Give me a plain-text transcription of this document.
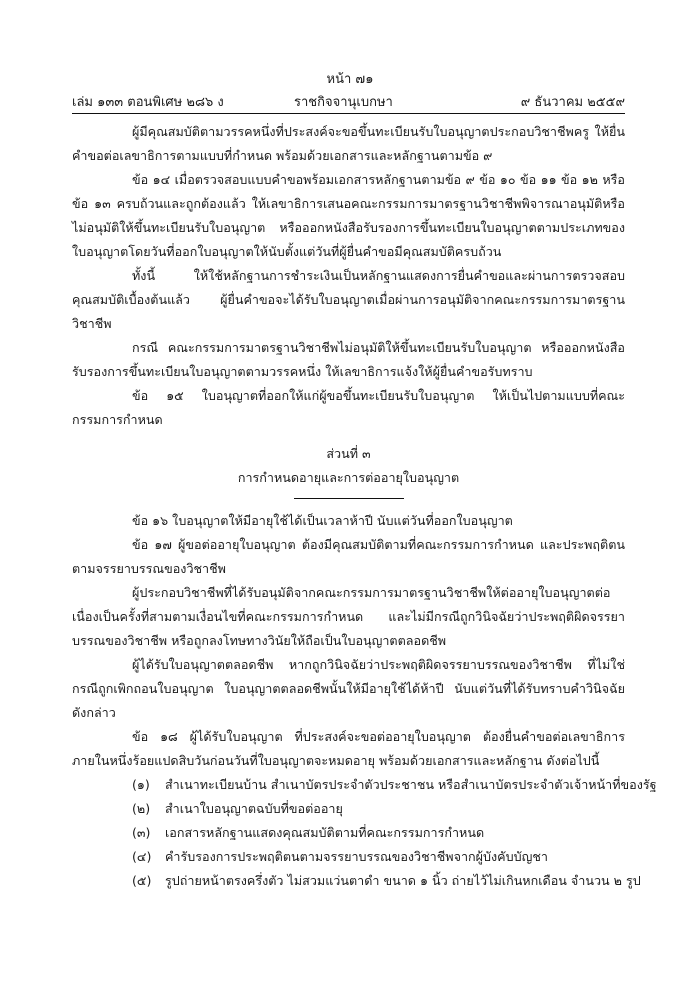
หน้า ๗๑
เล่ม ๑๓๓ ตอนพิเศษ ๒๘๖ ง	ราชกิจจานุเบกษา	๙ ธันวาคม ๒๕๕๙

ผู้มีคุณสมบัติตามวรรคหนึ่งที่ประสงค์จะขอขึ้นทะเบียนรับใบอนุญาตประกอบวิชาชีพครู ให้ยื่นคำขอต่อเลขาธิการตามแบบที่กำหนด พร้อมด้วยเอกสารและหลักฐานตามข้อ ๙

ข้อ ๑๔ เมื่อตรวจสอบแบบคำขอพร้อมเอกสารหลักฐานตามข้อ ๙ ข้อ ๑๐ ข้อ ๑๑ ข้อ ๑๒ หรือข้อ ๑๓ ครบถ้วนและถูกต้องแล้ว ให้เลขาธิการเสนอคณะกรรมการมาตรฐานวิชาชีพพิจารณาอนุมัติหรือไม่อนุมัติให้ขึ้นทะเบียนรับใบอนุญาต หรือออกหนังสือรับรองการขึ้นทะเบียนใบอนุญาตตามประเภทของใบอนุญาตโดยวันที่ออกใบอนุญาตให้นับตั้งแต่วันที่ผู้ยื่นคำขอมีคุณสมบัติครบถ้วน

ทั้งนี้ ให้ใช้หลักฐานการชำระเงินเป็นหลักฐานแสดงการยื่นคำขอและผ่านการตรวจสอบคุณสมบัติเบื้องต้นแล้ว ผู้ยื่นคำขอจะได้รับใบอนุญาตเมื่อผ่านการอนุมัติจากคณะกรรมการมาตรฐานวิชาชีพ

กรณี คณะกรรมการมาตรฐานวิชาชีพไม่อนุมัติให้ขึ้นทะเบียนรับใบอนุญาต หรือออกหนังสือรับรองการขึ้นทะเบียนใบอนุญาตตามวรรคหนึ่ง ให้เลขาธิการแจ้งให้ผู้ยื่นคำขอรับทราบ

ข้อ ๑๕ ใบอนุญาตที่ออกให้แก่ผู้ขอขึ้นทะเบียนรับใบอนุญาต ให้เป็นไปตามแบบที่คณะกรรมการกำหนด

ส่วนที่ ๓

การกำหนดอายุและการต่ออายุใบอนุญาต

ข้อ ๑๖ ใบอนุญาตให้มีอายุใช้ได้เป็นเวลาห้าปี นับแต่วันที่ออกใบอนุญาต

ข้อ ๑๗ ผู้ขอต่ออายุใบอนุญาต ต้องมีคุณสมบัติตามที่คณะกรรมการกำหนด และประพฤติตนตามจรรยาบรรณของวิชาชีพ

ผู้ประกอบวิชาชีพที่ได้รับอนุมัติจากคณะกรรมการมาตรฐานวิชาชีพให้ต่ออายุใบอนุญาตต่อเนื่องเป็นครั้งที่สามตามเงื่อนไขที่คณะกรรมการกำหนด และไม่มีกรณีถูกวินิจฉัยว่าประพฤติผิดจรรยาบรรณของวิชาชีพ หรือถูกลงโทษทางวินัยให้ถือเป็นใบอนุญาตตลอดชีพ

ผู้ได้รับใบอนุญาตตลอดชีพ หากถูกวินิจฉัยว่าประพฤติผิดจรรยาบรรณของวิชาชีพ ที่ไม่ใช่กรณีถูกเพิกถอนใบอนุญาต ใบอนุญาตตลอดชีพนั้นให้มีอายุใช้ได้ห้าปี นับแต่วันที่ได้รับทราบคำวินิจฉัยดังกล่าว

ข้อ ๑๘ ผู้ได้รับใบอนุญาต ที่ประสงค์จะขอต่ออายุใบอนุญาต ต้องยื่นคำขอต่อเลขาธิการภายในหนึ่งร้อยแปดสิบวันก่อนวันที่ใบอนุญาตจะหมดอายุ พร้อมด้วยเอกสารและหลักฐาน ดังต่อไปนี้

(๑) สำเนาทะเบียนบ้าน สำเนาบัตรประจำตัวประชาชน หรือสำเนาบัตรประจำตัวเจ้าหน้าที่ของรัฐ

(๒) สำเนาใบอนุญาตฉบับที่ขอต่ออายุ

(๓) เอกสารหลักฐานแสดงคุณสมบัติตามที่คณะกรรมการกำหนด

(๔) คำรับรองการประพฤติตนตามจรรยาบรรณของวิชาชีพจากผู้บังคับบัญชา

(๕) รูปถ่ายหน้าตรงครึ่งตัว ไม่สวมแว่นตาดำ ขนาด ๑ นิ้ว ถ่ายไว้ไม่เกินหกเดือน จำนวน ๒ รูป
